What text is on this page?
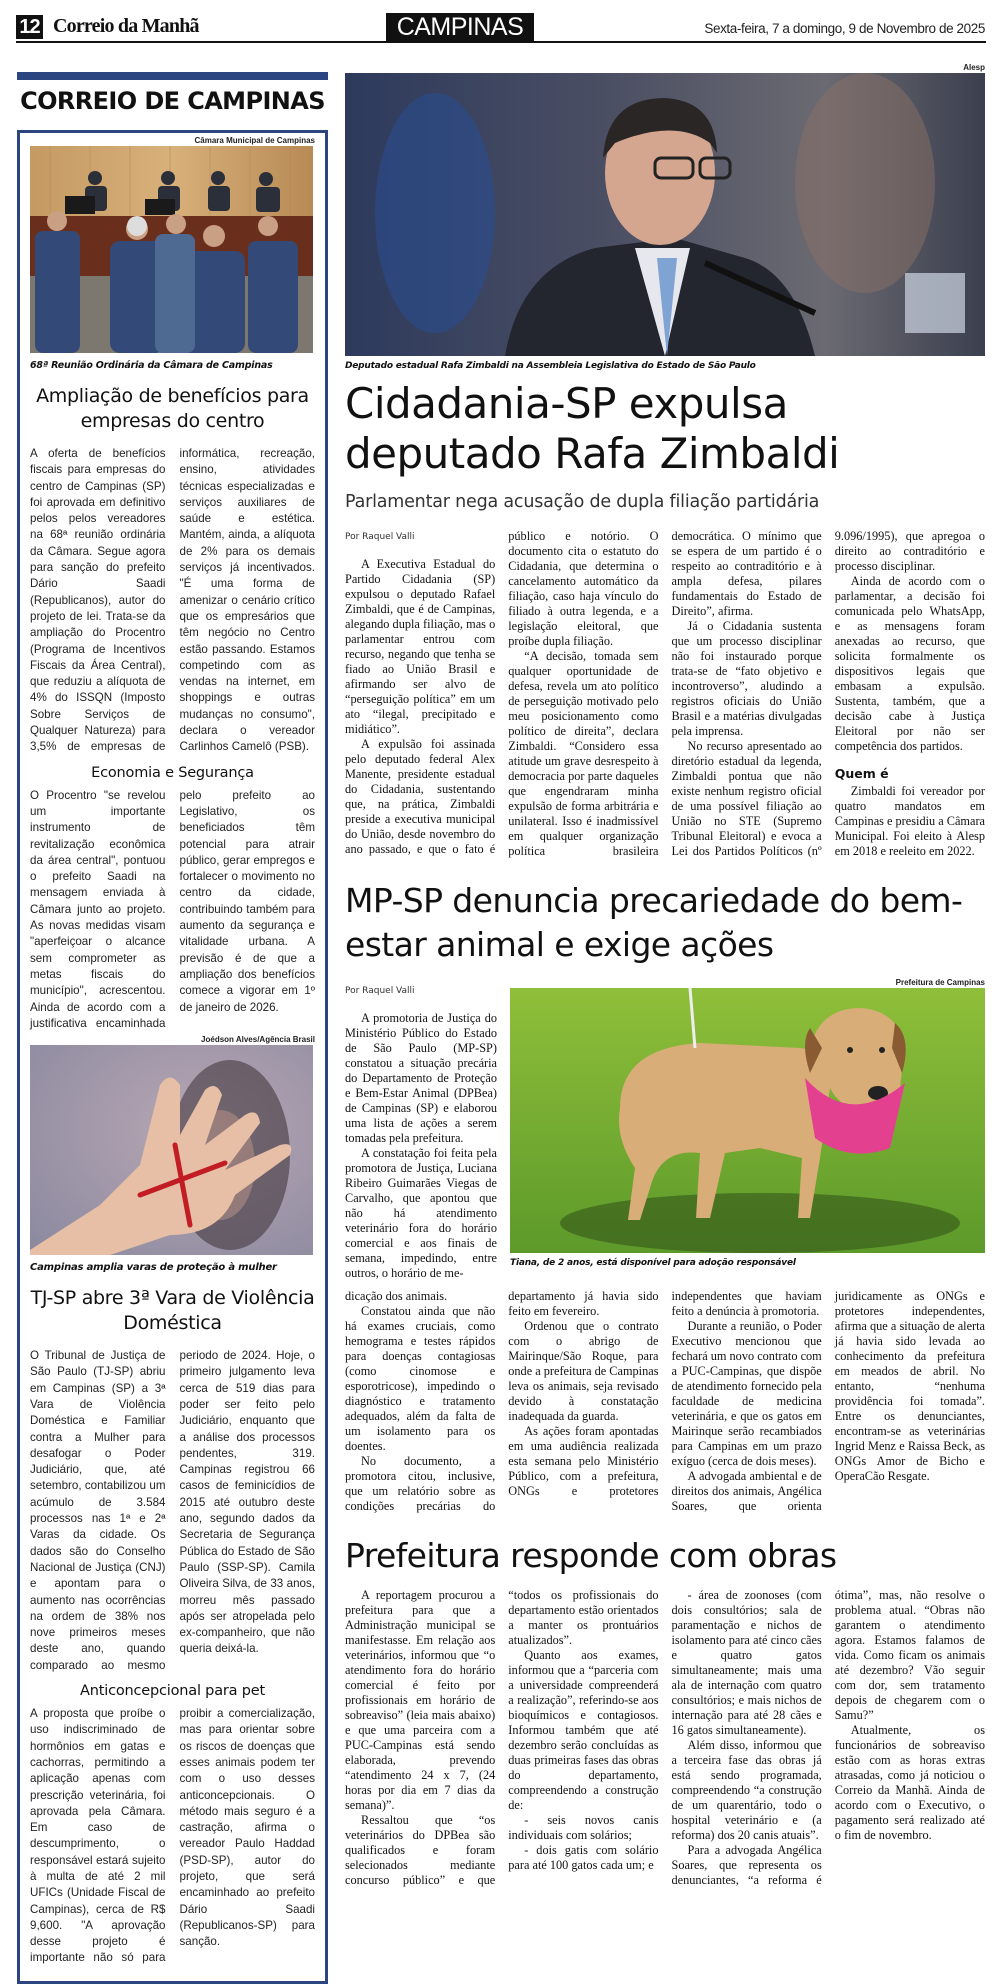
12 Correio da Manhã	CAMPINAS	Sexta-feira, 7 a domingo, 9 de Novembro de 2025
CORREIO DE CAMPINAS
Câmara Municipal de Campinas
68ª Reunião Ordinária da Câmara de Campinas
Ampliação de benefícios para empresas do centro

A oferta de benefícios fiscais para empresas do centro de Campinas (SP) foi aprovada em definitivo pelos pelos vereadores na 68ª reunião ordinária da Câmara. Segue agora para sanção do prefeito Dário Saadi (Republicanos), autor do projeto de lei. Trata-se da ampliação do Procentro (Programa de Incentivos Fiscais da Área Central), que reduziu a alíquota de 4% do ISSQN (Imposto Sobre Serviços de Qualquer Natureza) para 3,5% de empresas de informática, recreação, ensino, atividades técnicas especializadas e serviços auxiliares de saúde e estética. Mantém, ainda, a alíquota de 2% para os demais serviços já incentivados. "É uma forma de amenizar o cenário crítico que os empresários que têm negócio no Centro estão passando. Estamos competindo com as vendas na internet, em shoppings e outras mudanças no consumo", declara o vereador Carlinhos Camelô (PSB).

Economia e Segurança

O Procentro "se revelou um importante instrumento de revitalização econômica da área central", pontuou o prefeito Saadi na mensagem enviada à Câmara junto ao projeto. As novas medidas visam "aperfeiçoar o alcance sem comprometer as metas fiscais do município", acrescentou. Ainda de acordo com a justificativa encaminhada pelo prefeito ao Legislativo, os beneficiados têm potencial para atrair público, gerar empregos e fortalecer o movimento no centro da cidade, contribuindo também para aumento da segurança e vitalidade urbana. A previsão é de que a ampliação dos benefícios comece a vigorar em 1º de janeiro de 2026.

Joédson Alves/Agência Brasil
Campinas amplia varas de proteção à mulher
TJ-SP abre 3ª Vara de Violência Doméstica

O Tribunal de Justiça de São Paulo (TJ-SP) abriu em Campinas (SP) a 3ª Vara de Violência Doméstica e Familiar contra a Mulher para desafogar o Poder Judiciário, que, até setembro, contabilizou um acúmulo de 3.584 processos nas 1ª e 2ª Varas da cidade. Os dados são do Conselho Nacional de Justiça (CNJ) e apontam para o aumento nas ocorrências na ordem de 38% nos nove primeiros meses deste ano, quando comparado ao mesmo periodo de 2024. Hoje, o primeiro julgamento leva cerca de 519 dias para poder ser feito pelo Judiciário, enquanto que a análise dos processos pendentes, 319. Campinas registrou 66 casos de feminicídios de 2015 até outubro deste ano, segundo dados da Secretaria de Segurança Pública do Estado de São Paulo (SSP-SP). Camila Oliveira Silva, de 33 anos, morreu mês passado após ser atropelada pelo ex-companheiro, que não queria deixá-la.

Anticoncepcional para pet

A proposta que proíbe o uso indiscriminado de hormônios em gatas e cachorras, permitindo a aplicação apenas com prescrição veterinária, foi aprovada pela Câmara. Em caso de descumprimento, o responsável estará sujeito à multa de até 2 mil UFICs (Unidade Fiscal de Campinas), cerca de R$ 9,600. "A aprovação desse projeto é importante não só para proibir a comercialização, mas para orientar sobre os riscos de doenças que esses animais podem ter com o uso desses anticoncepcionais. O método mais seguro é a castração, afirma o vereador Paulo Haddad (PSD-SP), autor do projeto, que será encaminhado ao prefeito Dário Saadi (Republicanos-SP) para sanção.

Alesp
Deputado estadual Rafa Zimbaldi na Assembleia Legislativa do Estado de São Paulo
Cidadania-SP expulsa deputado Rafa Zimbaldi
Parlamentar nega acusação de dupla filiação partidária

Por Raquel Valli

A Executiva Estadual do Partido Cidadania (SP) expulsou o deputado Rafael Zimbaldi, que é de Campinas, alegando dupla filiação, mas o parlamentar entrou com recurso, negando que tenha se fiado ao União Brasil e afirmando ser alvo de “perseguição política” em um ato “ilegal, precipitado e midiático”.

A expulsão foi assinada pelo deputado federal Alex Manente, presidente estadual do Cidadania, sustentando que, na prática, Zimbaldi preside a executiva municipal do União, desde novembro do ano passado, e que o fato é público e notório. O documento cita o estatuto do Cidadania, que determina o cancelamento automático da filiação, caso haja vínculo do filiado à outra legenda, e a legislação eleitoral, que proíbe dupla filiação.

“A decisão, tomada sem qualquer oportunidade de defesa, revela um ato político de perseguição motivado pelo meu posicionamento como político de direita”, declara Zimbaldi. “Considero essa atitude um grave desrespeito à democracia por parte daqueles que engendraram minha expulsão de forma arbitrária e unilateral. Isso é inadmissível em qualquer organização política brasileira democrática. O mínimo que se espera de um partido é o respeito ao contraditório e à ampla defesa, pilares fundamentais do Estado de Direito”, afirma.

Já o Cidadania sustenta que um processo disciplinar não foi instaurado porque trata-se de “fato objetivo e incontroverso”, aludindo a registros oficiais do União Brasil e a matérias divulgadas pela imprensa.

No recurso apresentado ao diretório estadual da legenda, Zimbaldi pontua que não existe nenhum registro oficial de uma possível filiação ao União no STE (Supremo Tribunal Eleitoral) e evoca a Lei dos Partidos Políticos (nº 9.096/1995), que apregoa o direito ao contraditório e processo disciplinar.

Ainda de acordo com o parlamentar, a decisão foi comunicada pelo WhatsApp, e as mensagens foram anexadas ao recurso, que solicita formalmente os dispositivos legais que embasam a expulsão. Sustenta, também, que a decisão cabe à Justiça Eleitoral por não ser competência dos partidos.

Quem é

Zimbaldi foi vereador por quatro mandatos em Campinas e presidiu a Câmara Municipal. Foi eleito à Alesp em 2018 e reeleito em 2022.

MP-SP denuncia precariedade do bem-estar animal e exige ações
Por Raquel Valli

A promotoria de Justiça do Ministério Público do Estado de São Paulo (MP-SP) constatou a situação precária do Departamento de Proteção e Bem-Estar Animal (DPBea) de Campinas (SP) e elaborou uma lista de ações a serem tomadas pela prefeitura.

A constatação foi feita pela promotora de Justiça, Luciana Ribeiro Guimarães Viegas de Carvalho, que apontou que não há atendimento veterinário fora do horário comercial e aos finais de semana, impedindo, entre outros, o horário de me-

Prefeitura de Campinas
Tiana, de 2 anos, está disponível para adoção responsável

dicação dos animais.

Constatou ainda que não há exames cruciais, como hemograma e testes rápidos para doenças contagiosas (como cinomose e esporotricose), impedindo o diagnóstico e tratamento adequados, além da falta de um isolamento para os doentes.

No documento, a promotora citou, inclusive, que um relatório sobre as condições precárias do departamento já havia sido feito em fevereiro.

Ordenou que o contrato com o abrigo de Mairinque/São Roque, para onde a prefeitura de Campinas leva os animais, seja revisado devido à constatação inadequada da guarda.

As ações foram apontadas em uma audiência realizada esta semana pelo Ministério Público, com a prefeitura, ONGs e protetores independentes que haviam feito a denúncia à promotoria.

Durante a reunião, o Poder Executivo mencionou que fechará um novo contrato com a PUC-Campinas, que dispõe de atendimento fornecido pela faculdade de medicina veterinária, e que os gatos em Mairinque serão recambiados para Campinas em um prazo exíguo (cerca de dois meses).

A advogada ambiental e de direitos dos animais, Angélica Soares, que orienta juridicamente as ONGs e protetores independentes, afirma que a situação de alerta já havia sido levada ao conhecimento da prefeitura em meados de abril. No entanto, “nenhuma providência foi tomada”. Entre os denunciantes, encontram-se as veterinárias Ingrid Menz e Raissa Beck, as ONGs Amor de Bicho e OperaCão Resgate.

Prefeitura responde com obras

A reportagem procurou a prefeitura para que a Administração municipal se manifestasse. Em relação aos veterinários, informou que “o atendimento fora do horário comercial é feito por profissionais em horário de sobreaviso” (leia mais abaixo) e que uma parceira com a PUC-Campinas está sendo elaborada, prevendo “atendimento 24 x 7, (24 horas por dia em 7 dias da semana)”.

Ressaltou que “os veterinários do DPBea são qualificados e foram selecionados mediante concurso público” e que “todos os profissionais do departamento estão orientados a manter os prontuários atualizados”.

Quanto aos exames, informou que a “parceria com a universidade compreenderá a realização”, referindo-se aos bioquímicos e contagiosos. Informou também que até dezembro serão concluídas as duas primeiras fases das obras do departamento, compreendendo a construção de:

- seis novos canis individuais com solários;

- dois gatis com solário para até 100 gatos cada um; e

- área de zoonoses (com dois consultórios; sala de paramentação e nichos de isolamento para até cinco cães e quatro gatos simultaneamente; mais uma ala de internação com quatro consultórios; e mais nichos de internação para até 28 cães e 16 gatos simultaneamente).

Além disso, informou que a terceira fase das obras já está sendo programada, compreendendo “a construção de um quarentário, todo o hospital veterinário e (a reforma) dos 20 canis atuais”.

Para a advogada Angélica Soares, que representa os denunciantes, “a reforma é ótima”, mas, não resolve o problema atual. “Obras não garantem o atendimento agora. Estamos falamos de vida. Como ficam os animais até dezembro? Vão seguir com dor, sem tratamento depois de chegarem com o Samu?”

Atualmente, os funcionários de sobreaviso estão com as horas extras atrasadas, como já noticiou o Correio da Manhã. Ainda de acordo com o Executivo, o pagamento será realizado até o fim de novembro.
